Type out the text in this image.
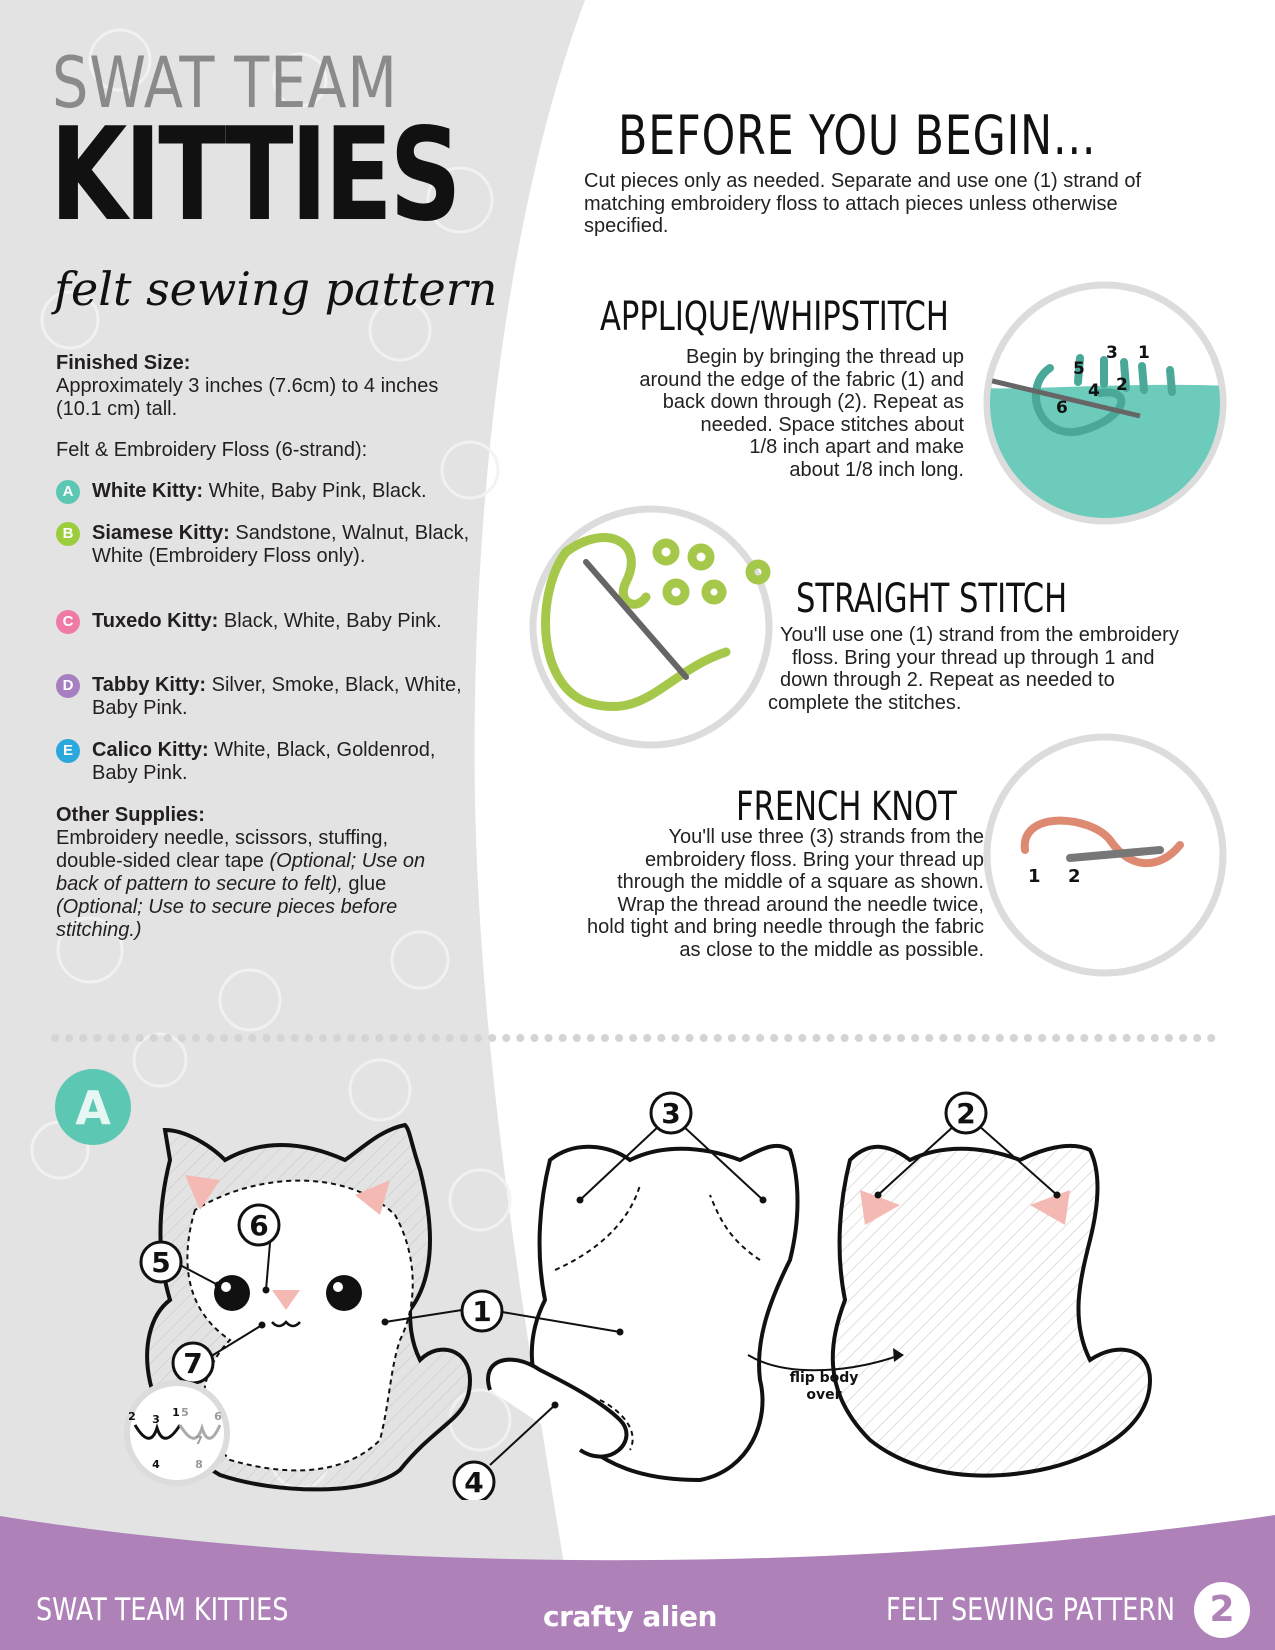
SWAT TEAM
KITTIES
felt sewing pattern
Finished Size:
Approximately 3 inches (7.6cm) to 4 inches (10.1 cm) tall.
Felt & Embroidery Floss (6-strand):
A White Kitty: White, Baby Pink, Black.
B Siamese Kitty: Sandstone, Walnut, Black, White (Embroidery Floss only).
C Tuxedo Kitty: Black, White, Baby Pink.
D Tabby Kitty: Silver, Smoke, Black, White, Baby Pink.
E Calico Kitty: White, Black, Goldenrod, Baby Pink.
Other Supplies:
Embroidery needle, scissors, stuffing, double-sided clear tape (Optional; Use on back of pattern to secure to felt), glue (Optional; Use to secure pieces before stitching.)
BEFORE YOU BEGIN...
Cut pieces only as needed. Separate and use one (1) strand of matching embroidery floss to attach pieces unless otherwise specified.
APPLIQUE/WHIPSTITCH
Begin by bringing the thread up
around the edge of the fabric (1) and
back down through (2). Repeat as
needed. Space stitches about
1/8 inch apart and make
about 1/8 inch long.
1
2
3
4
5
6
STRAIGHT STITCH
You'll use one (1) strand from the embroidery
floss. Bring your thread up through 1 and
down through 2. Repeat as needed to
complete the stitches.
FRENCH KNOT
You'll use three (3) strands from the
embroidery floss. Bring your thread up
through the middle of a square as shown.
Wrap the thread around the needle twice,
hold tight and bring needle through the fabric
as close to the middle as possible.
1 2
A
1
2
3
4
5
6
7	flip body
over
2 3
1
4
5 6
7
8
SWAT TEAM KITTIES	crafty alien	FELT SEWING PATTERN 2
